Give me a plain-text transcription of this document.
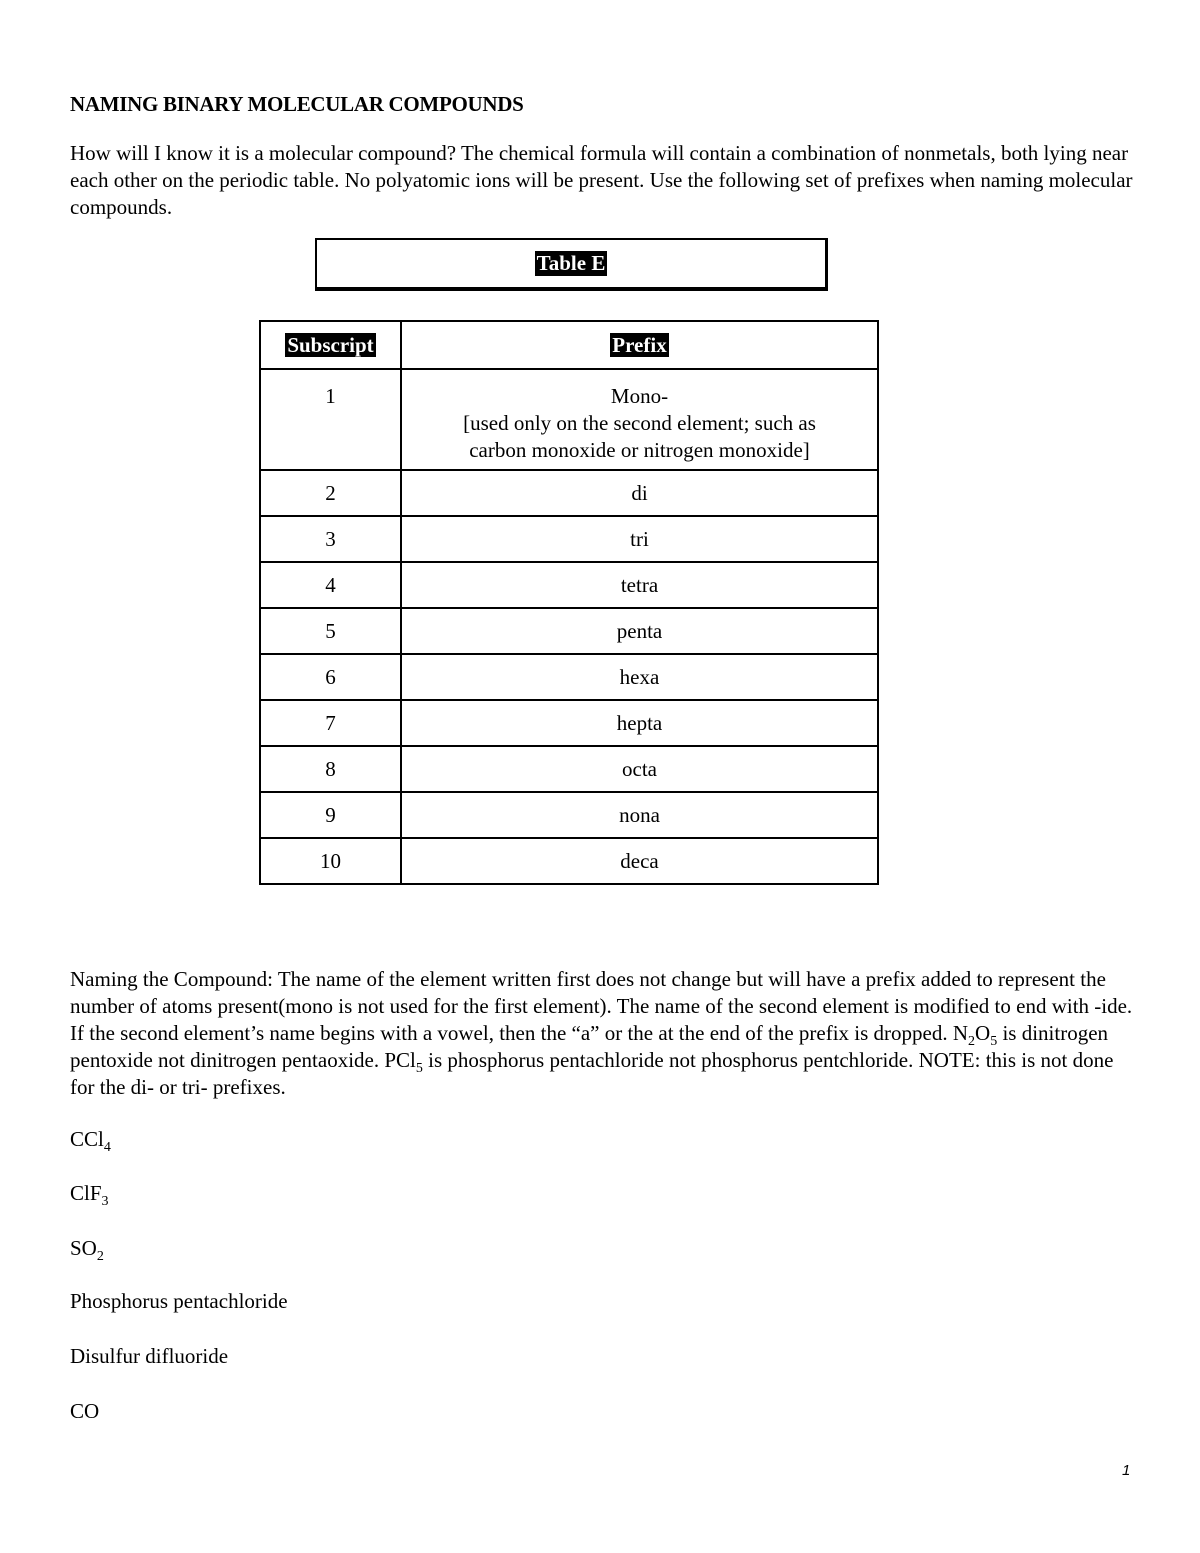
NAMING BINARY MOLECULAR COMPOUNDS

How will I know it is a molecular compound? The chemical formula will contain a combination of nonmetals, both lying near each other on the periodic table. No polyatomic ions will be present. Use the following set of prefixes when naming molecular compounds.

Table E
Subscript	Prefix
1	Mono-
[used only on the second element; such as
carbon monoxide or nitrogen monoxide]

2	di
3	tri
4	tetra
5	penta
6	hexa
7	hepta
8	octa
9	nona
10	deca

Naming the Compound: The name of the element written first does not change but will have a prefix added to represent the number of atoms present(mono is not used for the first element). The name of the second element is modified to end with -ide. If the second element’s name begins with a vowel, then the “a” or the at the end of the prefix is dropped. $N_2O_5$ is dinitrogen pentoxide not dinitrogen pentaoxide. PCl$_5$ is phosphorus pentachloride not phosphorus pentchloride. NOTE: this is not done for the di- or tri- prefixes.

CCl$_4$
ClF$_3$
$SO_2$
Phosphorus pentachloride
Disulfur difluoride
CO
1
